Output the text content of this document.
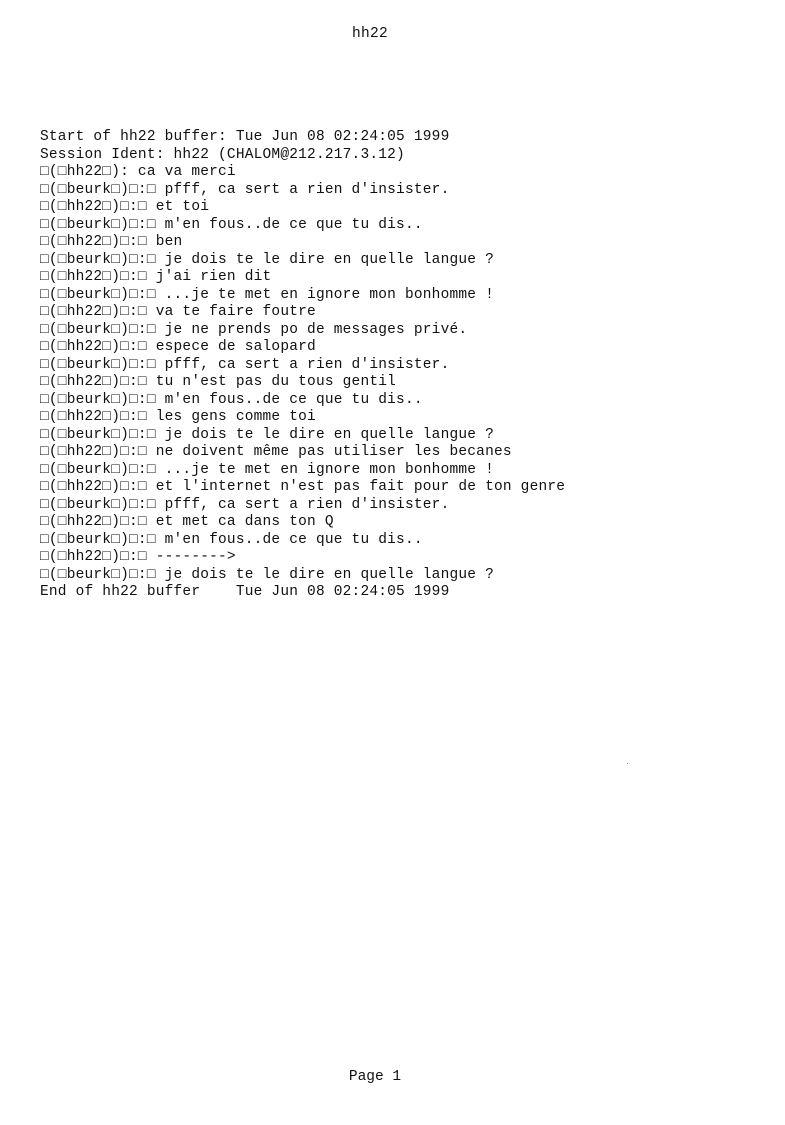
hh22
Start of hh22 buffer: Tue Jun 08 02:24:05 1999
Session Ident: hh22 (CHALOM@212.217.3.12)
□(□hh22□): ca va merci
□(□beurk□)□:□ pfff, ca sert a rien d'insister.
□(□hh22□)□:□ et toi
□(□beurk□)□:□ m'en fous..de ce que tu dis..
□(□hh22□)□:□ ben
□(□beurk□)□:□ je dois te le dire en quelle langue ?
□(□hh22□)□:□ j'ai rien dit
□(□beurk□)□:□ ...je te met en ignore mon bonhomme !
□(□hh22□)□:□ va te faire foutre
□(□beurk□)□:□ je ne prends po de messages privé.
□(□hh22□)□:□ espece de salopard
□(□beurk□)□:□ pfff, ca sert a rien d'insister.
□(□hh22□)□:□ tu n'est pas du tous gentil
□(□beurk□)□:□ m'en fous..de ce que tu dis..
□(□hh22□)□:□ les gens comme toi
□(□beurk□)□:□ je dois te le dire en quelle langue ?
□(□hh22□)□:□ ne doivent même pas utiliser les becanes
□(□beurk□)□:□ ...je te met en ignore mon bonhomme !
□(□hh22□)□:□ et l'internet n'est pas fait pour de ton genre
□(□beurk□)□:□ pfff, ca sert a rien d'insister.
□(□hh22□)□:□ et met ca dans ton Q
□(□beurk□)□:□ m'en fous..de ce que tu dis..
□(□hh22□)□:□ -------->
□(□beurk□)□:□ je dois te le dire en quelle langue ?
End of hh22 buffer    Tue Jun 08 02:24:05 1999
Page 1
